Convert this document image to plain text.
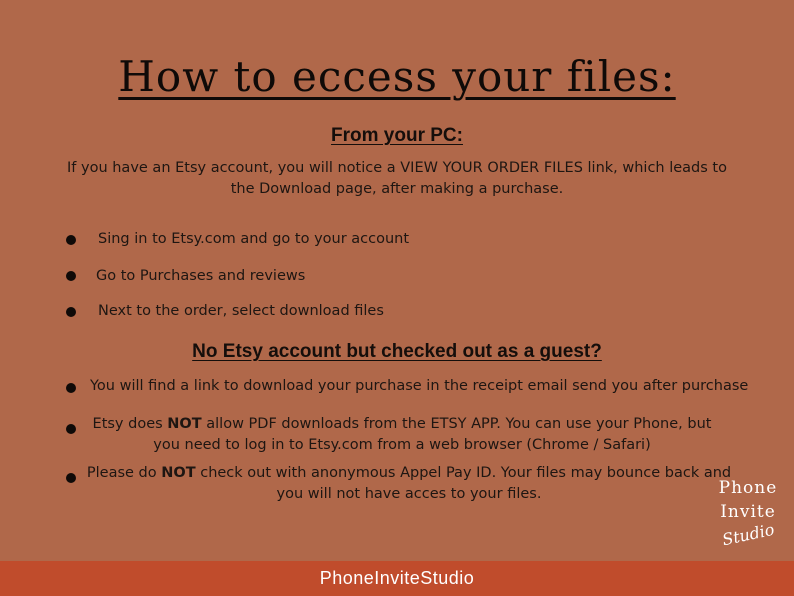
How to eccess your files:
From your PC:
If you have an Etsy account, you will notice a VIEW YOUR ORDER FILES link, which leads to the Download page, after making a purchase.
Sing in to Etsy.com and go to your account
Go to Purchases and reviews
Next to the order, select download files
No Etsy account but checked out as a guest?
You will find a link to download your purchase in the receipt email send you after purchase
Etsy does NOT allow PDF downloads from the ETSY APP. You can use your Phone, but you need to log in to Etsy.com from a web browser (Chrome / Safari)
Please do NOT check out with anonymous Appel Pay ID. Your files may bounce back and you will not have acces to your files.	Phone
Invite
Studio
PhoneInviteStudio
